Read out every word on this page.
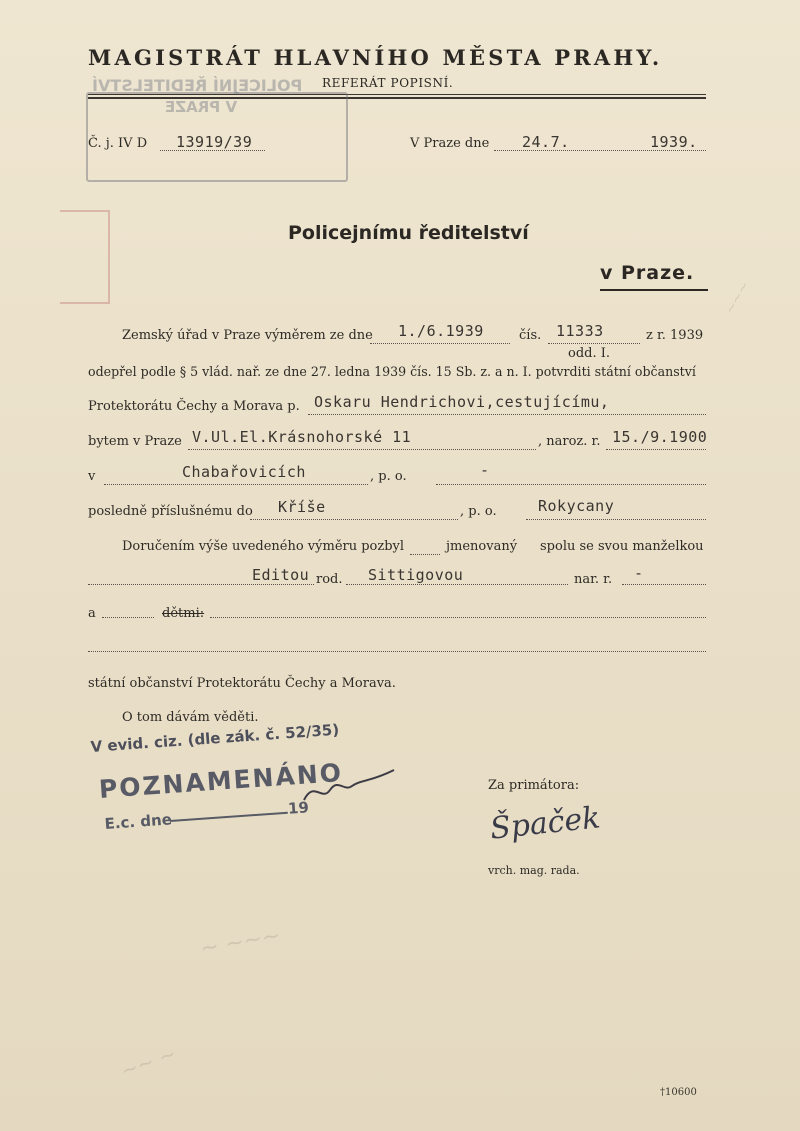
~~~
~ ~~~
~~ ~
MAGISTRÁT HLAVNÍHO MĚSTA PRAHY.
REFERÁT POPISNÍ.
POLICEJNÍ ŘEDITELSTVÍ
V PRAZE
Č. j. IV D 13919/39	V Praze dne 24.7.	1939.
Policejnímu ředitelství
v Praze.
Zemský úřad v Praze výměrem ze dne 1./6.1939	čís. 11333	z r. 1939
odd. I.
odepřel podle § 5 vlád. nař. ze dne 27. ledna 1939 čís. 15 Sb. z. a n. I. potvrditi státní občanství
Protektorátu Čechy a Morava p. Oskaru Hendrichovi,cestujícímu,
bytem v Praze V.Ul.El.Krásnohorské 11	, naroz. r. 15./9.1900
v	Chabařovicích	, p. o.	-
posledně příslušnému do Kříše	, p. o.	Rokycany
Doručením výše uvedeného výměru pozbyl	jmenovaný spolu se svou manželkou
Editou rod. Sittigovou	nar. r. -
a	dětmi:
státní občanství Protektorátu Čechy a Morava.
O tom dávám věděti.
V evid. ciz. (dle zák. č. 52/35)
POZNAMENÁNO
E.c. dne
19
Za primátora:
Špaček
vrch. mag. rada.
†10600
